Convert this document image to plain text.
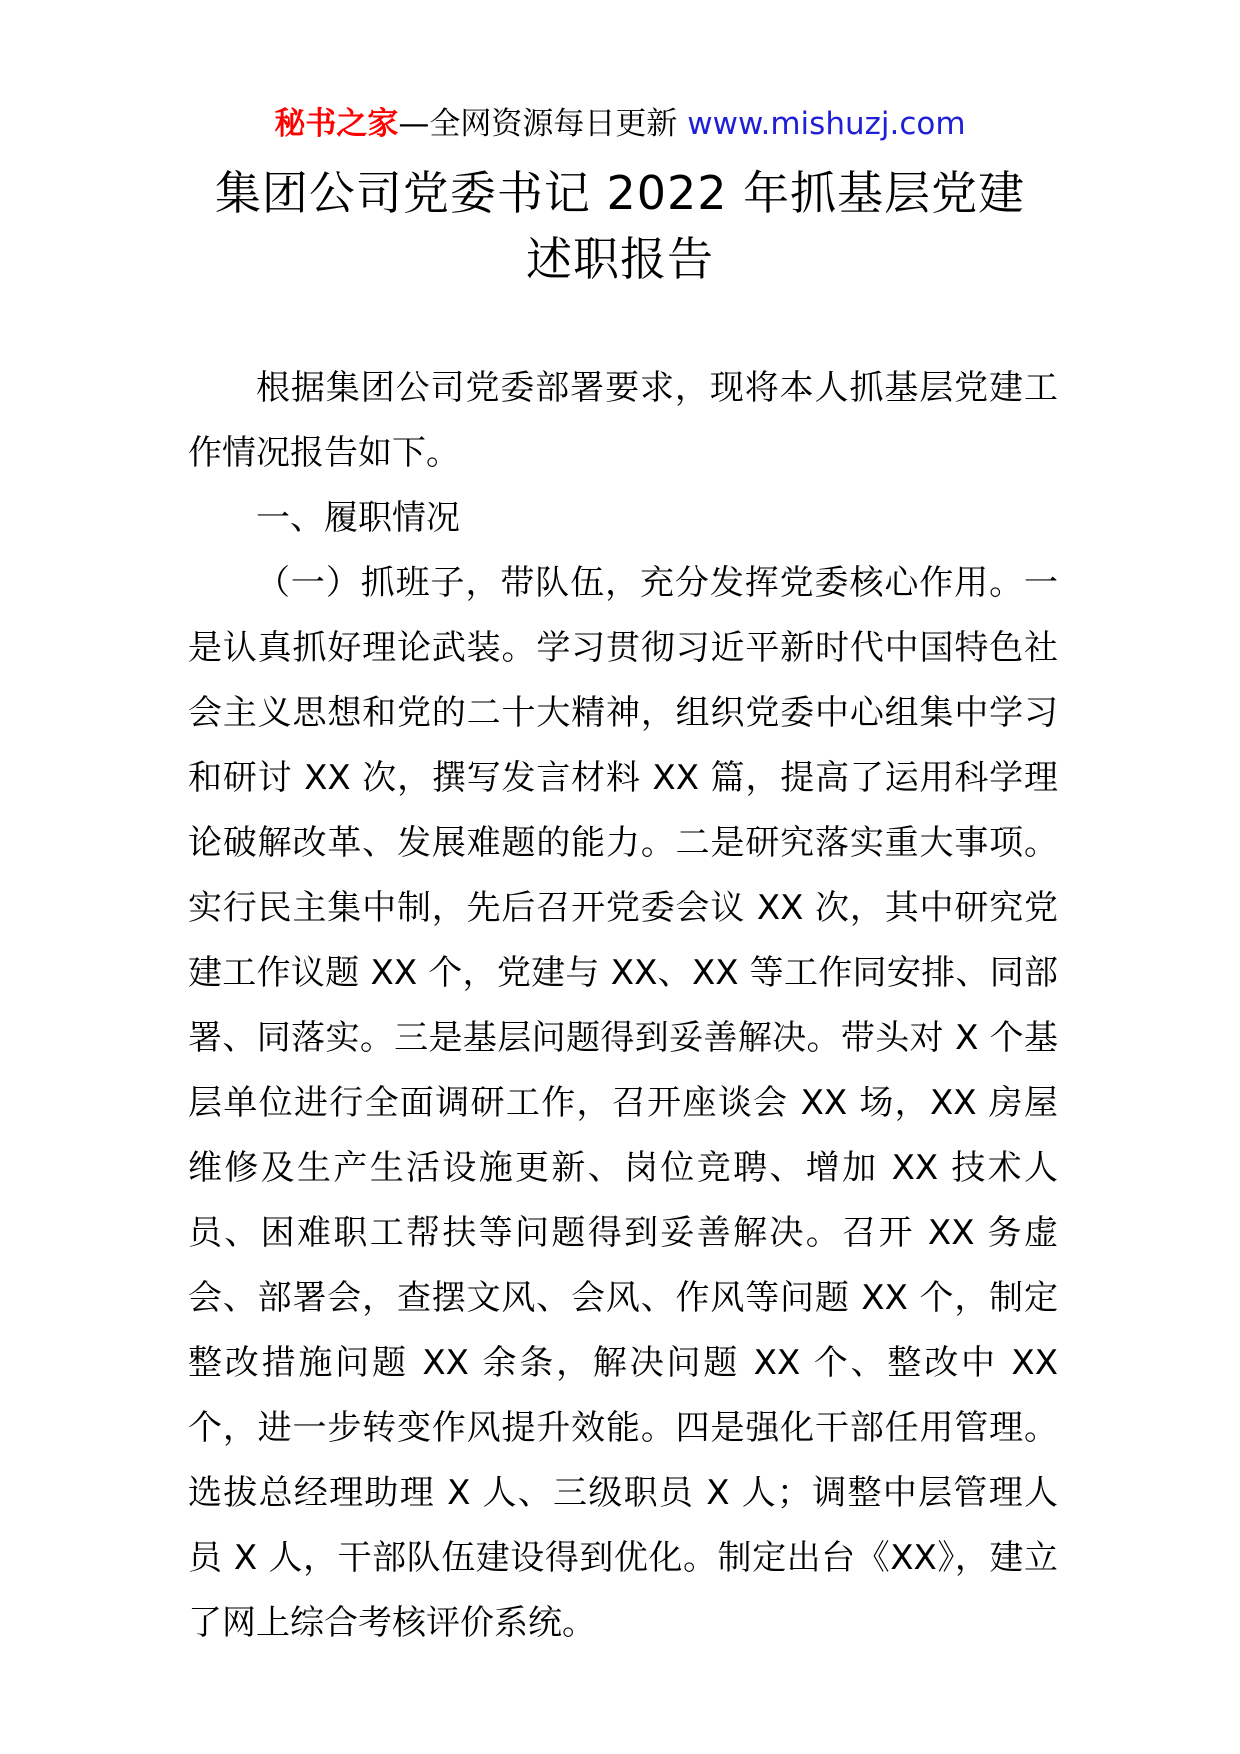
秘书之家—全网资源每日更新 www.mishuzj.com
集团公司党委书记 2022 年抓基层党建
述职报告

根据集团公司党委部署要求，现将本人抓基层党建工作情况报告如下。

一、履职情况

（一）抓班子，带队伍，充分发挥党委核心作用。一是认真抓好理论武装。学习贯彻习近平新时代中国特色社会主义思想和党的二十大精神，组织党委中心组集中学习和研讨 XX 次，撰写发言材料 XX 篇，提高了运用科学理论破解改革、发展难题的能力。二是研究落实重大事项。实行民主集中制，先后召开党委会议 XX 次，其中研究党建工作议题 XX 个，党建与 XX、XX 等工作同安排、同部署、同落实。三是基层问题得到妥善解决。带头对 X 个基层单位进行全面调研工作，召开座谈会 XX 场，XX 房屋维修及生产生活设施更新、岗位竞聘、增加 XX 技术人员、困难职工帮扶等问题得到妥善解决。召开 XX 务虚会、部署会，查摆文风、会风、作风等问题 XX 个，制定整改措施问题 XX 余条，解决问题 XX 个、整改中 XX 个，进一步转变作风提升效能。四是强化干部任用管理。选拔总经理助理 X 人、三级职员 X 人；调整中层管理人员 X 人，干部队伍建设得到优化。制定出台《XX》，建立了网上综合考核评价系统。
